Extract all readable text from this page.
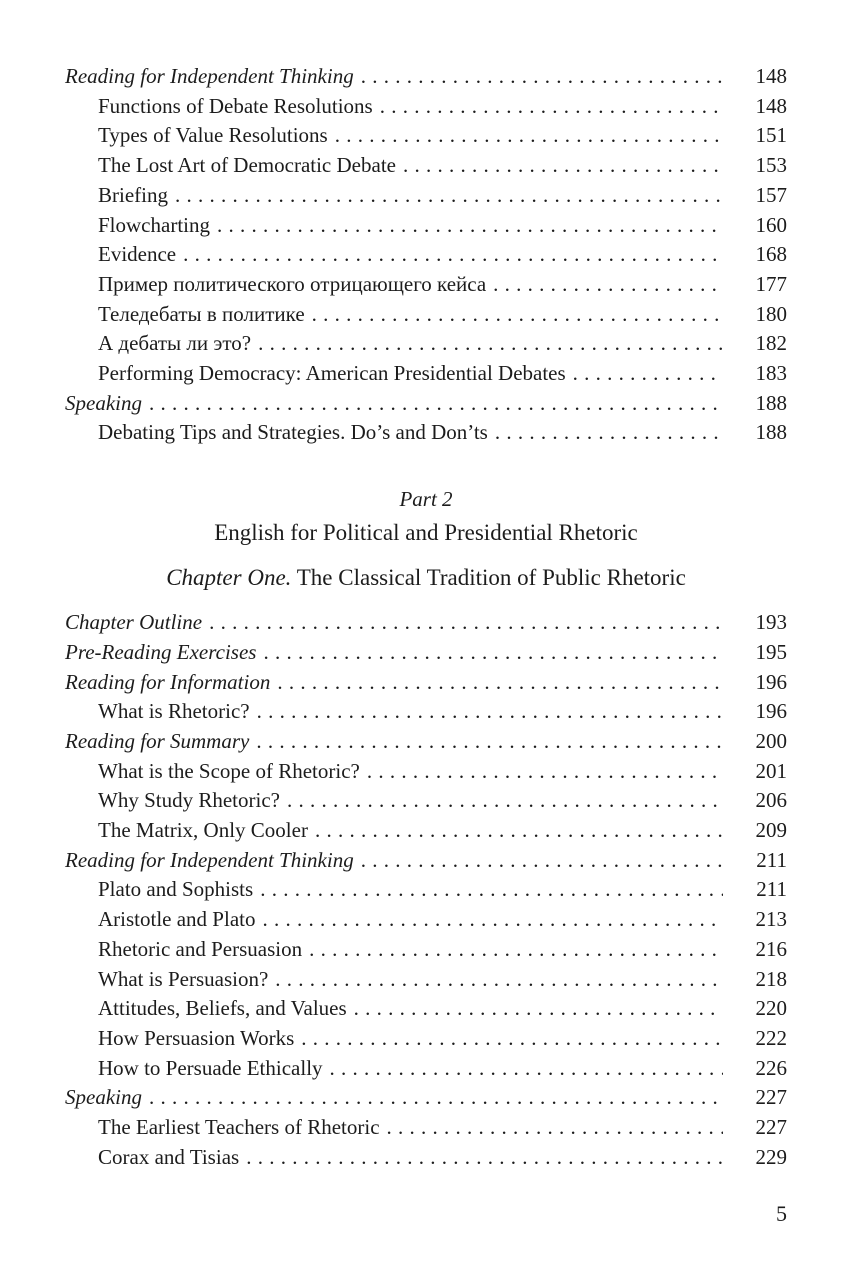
Reading for Independent Thinking . . .	148
Functions of Debate Resolutions . . .	148
Types of Value Resolutions . . .	151
The Lost Art of Democratic Debate . . .	153
Briefing . . .	157
Flowcharting . . .	160
Evidence . . .	168
Пример политического отрицающего кейса . . .	177
Теледебаты в политике . . .	180
А дебаты ли это? . . .	182
Performing Democracy: American Presidential Debates . . .	183
Speaking . . .	188
Debating Tips and Strategies. Do’s and Don’ts . . .	188
Part 2
English for Political and Presidential Rhetoric
Chapter One. The Classical Tradition of Public Rhetoric
Chapter Outline . . .	193
Pre-Reading Exercises . . .	195
Reading for Information . . .	196
What is Rhetoric? . . .	196
Reading for Summary . . .	200
What is the Scope of Rhetoric? . . .	201
Why Study Rhetoric? . . .	206
The Matrix, Only Cooler . . .	209
Reading for Independent Thinking . . .	211
Plato and Sophists . . .	211
Aristotle and Plato . . .	213
Rhetoric and Persuasion . . .	216
What is Persuasion? . . .	218
Attitudes, Beliefs, and Values . . .	220
How Persuasion Works . . .	222
How to Persuade Ethically . . .	226
Speaking . . .	227
The Earliest Teachers of Rhetoric . . .	227
Corax and Tisias . . .	229
5
